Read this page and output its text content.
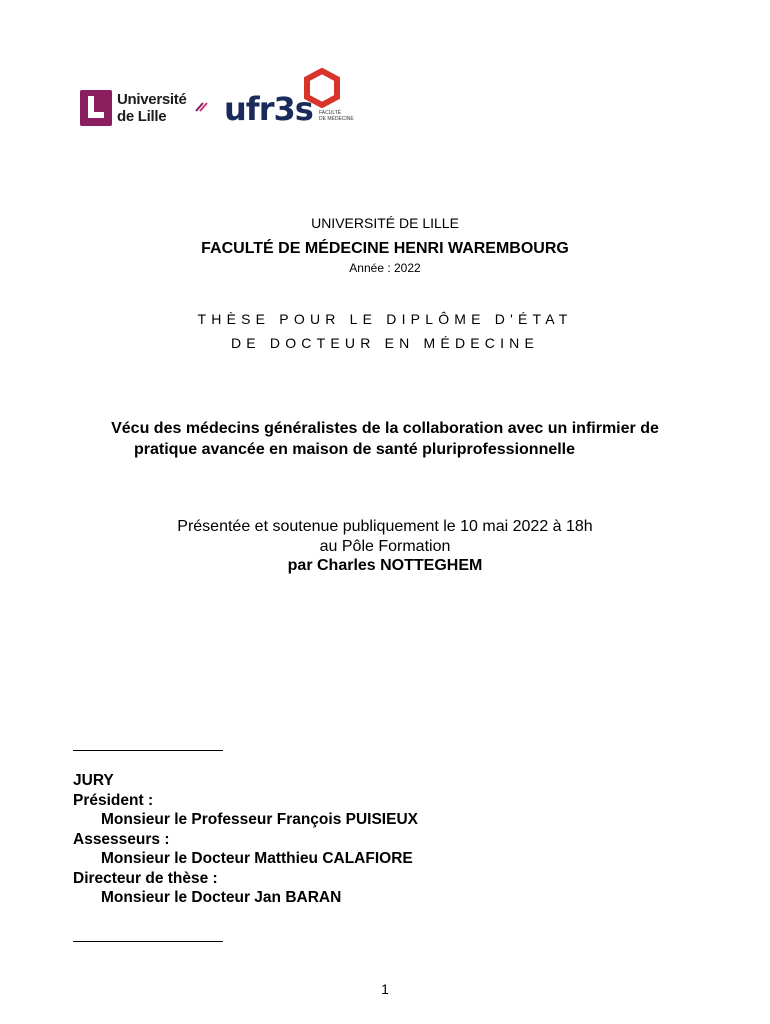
Université
de Lille	ufr3s FACULTÉ
DE MÉDECINE
UNIVERSITÉ DE LILLE
FACULTÉ DE MÉDECINE HENRI WAREMBOURG
Année : 2022
THÈSE POUR LE DIPLÔME D'ÉTAT
DE DOCTEUR EN MÉDECINE
Vécu des médecins généralistes de la collaboration avec un infirmier de
pratique avancée en maison de santé pluriprofessionnelle
Présentée et soutenue publiquement le 10 mai 2022 à 18h
au Pôle Formation
par Charles NOTTEGHEM
JURY
Président :
Monsieur le Professeur François PUISIEUX
Assesseurs :
Monsieur le Docteur Matthieu CALAFIORE
Directeur de thèse :
Monsieur le Docteur Jan BARAN
1
